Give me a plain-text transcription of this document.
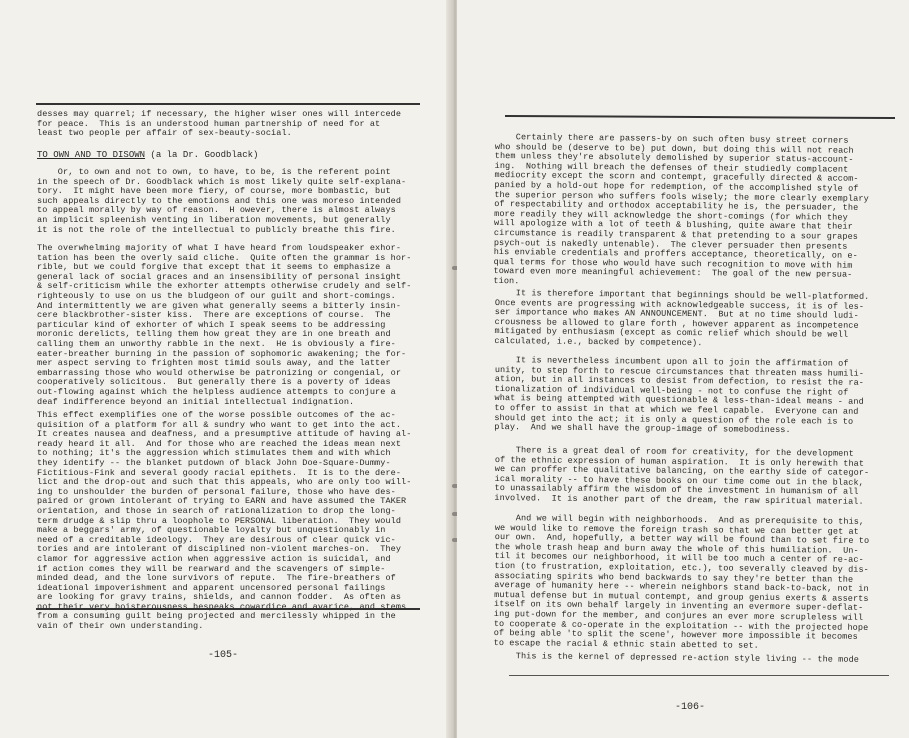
desses may quarrel; if necessary, the higher wiser ones will intercede
for peace.  This is an understood human partnership of need for at
least two people per affair of sex-beauty-social.
TO OWN AND TO DISOWN (a la Dr. Goodblack)
Or, to own and not to own, to have, to be, is the referent point
in the speech of Dr. Goodblack which is most likely quite self-explana-
tory.  It might have been more fiery, of course, more bombastic, but
such appeals directly to the emotions and this one was moreso intended
to appeal morally by way of reason.  H owever, there is almost always
an implicit spleenish venting in liberation movements, but generally
it is not the role of the intellectual to publicly breathe this fire.
The overwhelming majority of what I have heard from loudspeaker exhor-
tation has been the overly said cliche.  Quite often the grammar is hor-
rible, but we could forgive that except that it seems to emphasize a
general lack of social graces and an insensibility of personal insight
& self-criticism while the exhorter attempts otherwise crudely and self-
righteously to use on us the bludgeon of our guilt and short-comings.
And intermittently we are given what generally seems a bitterly insin-
cere blackbrother-sister kiss.  There are exceptions of course.  The
particular kind of exhorter of which I speak seems to be addressing
moronic derelicts, telling them how great they are in one breath and
calling them an unworthy rabble in the next.  He is obviously a fire-
eater-breather burning in the passion of sophomoric awakening; the for-
mer aspect serving to frighten most timid souls away, and the latter
embarrassing those who would otherwise be patronizing or congenial, or
cooperatively solicitous.  But generally there is a poverty of ideas
out-flowing against which the helpless audience attempts to conjure a
deaf indifference beyond an initial intellectual indignation.
This effect exemplifies one of the worse possible outcomes of the ac-
quisition of a platform for all & sundry who want to get into the act.
It creates nausea and deafness, and a presumptive attitude of having al-
ready heard it all.  And for those who are reached the ideas mean next
to nothing; it's the aggression which stimulates them and with which
they identify -- the blanket putdown of black John Doe-Square-Dummy-
Fictitious-Fink and several goody racial epithets.  It is to the dere-
lict and the drop-out and such that this appeals, who are only too will-
ing to unshoulder the burden of personal failure, those who have des-
paired or grown intolerant of trying to EARN and have assumed the TAKER
orientation, and those in search of rationalization to drop the long-
term drudge & slip thru a loophole to PERSONAL liberation.  They would
make a beggars' army, of questionable loyalty but unquestionably in
need of a creditable ideology.  They are desirous of clear quick vic-
tories and are intolerant of disciplined non-violent marches-on.  They
clamor for aggressive action when aggressive action is suicidal, and
if action comes they will be rearward and the scavengers of simple-
minded dead, and the lone survivors of repute.  The fire-breathers of
ideational impoverishment and apparent uncensored personal failings
are looking for gravy trains, shields, and cannon fodder.  As often as
not their very boisterousness bespeaks cowardice and avarice, and stems
from a consuming guilt being projected and mercilessly whipped in the
vain of their own understanding.
-105-
Certainly there are passers-by on such often busy street corners
who should be (deserve to be) put down, but doing this will not reach
them unless they're absolutely demolished by superior status-account-
ing.  Nothing will breach the defenses of their studiedly complacent
mediocrity except the scorn and contempt, gracefully directed & accom-
panied by a hold-out hope for redemption, of the accomplished style of
the superior person who suffers fools wisely; the more clearly exemplary
of respectability and orthodox acceptability he is, the persuader, the
more readily they will acknowledge the short-comings (for which they
will apologize with a lot of teeth & blushing, quite aware that their
circumstance is readily transparent & that pretending to a sour grapes
psych-out is nakedly untenable).  The clever persuader then presents
his enviable credentials and proffers acceptance, theoretically, on e-
qual terms for those who would have such recognition to move with him
toward even more meaningful achievement:  The goal of the new persua-
tion.
It is therefore important that beginnings should be well-platformed.
Once events are progressing with acknowledgeable success, it is of les-
ser importance who makes AN ANNOUNCEMENT.  But at no time should ludi-
crousness be allowed to glare forth , however apparent as incompetence
mitigated by enthusiasm (except as comic relief which should be well
calculated, i.e., backed by competence).
It is nevertheless incumbent upon all to join the affirmation of
unity, to step forth to rescue circumstances that threaten mass humili-
ation, but in all instances to desist from defection, to resist the ra-
tionalization of individual well-being - not to confuse the right of
what is being attempted with questionable & less-than-ideal means - and
to offer to assist in that at which we feel capable.  Everyone can and
should get into the act; it is only a question of the role each is to
play.  And we shall have the group-image of somebodiness.
There is a great deal of room for creativity, for the development
of the ethnic expression of human aspiration.  It is only herewith that
we can proffer the qualitative balancing, on the earthy side of categor-
ical morality -- to have these books on our time come out in the black,
to unassailably affirm the wisdom of the investment in humanism of all
involved.  It is another part of the dream, the raw spiritual material.
And we will begin with neighborhoods.  And as prerequisite to this,
we would like to remove the foreign trash so that we can better get at
our own.  And, hopefully, a better way will be found than to set fire to
the whole trash heap and burn away the whole of this humiliation.  Un-
til it becomes our neighborhood, it will be too much a center of re-ac-
tion (to frustration, exploitation, etc.), too severally cleaved by dis-
associating spirits who bend backwards to say they're better than the
average of humanity here -- wherein neighbors stand back-to-back, not in
mutual defense but in mutual contempt, and group genius exerts & asserts
itself on its own behalf largely in inventing an evermore super-deflat-
ing put-down for the member, and conjures an ever more scrupleless will
to cooperate & co-operate in the exploitation -- with the projected hope
of being able 'to split the scene', however more impossible it becomes
to escape the racial & ethnic stain abetted to set.
This is the kernel of depressed re-action style living -- the mode
-106-
